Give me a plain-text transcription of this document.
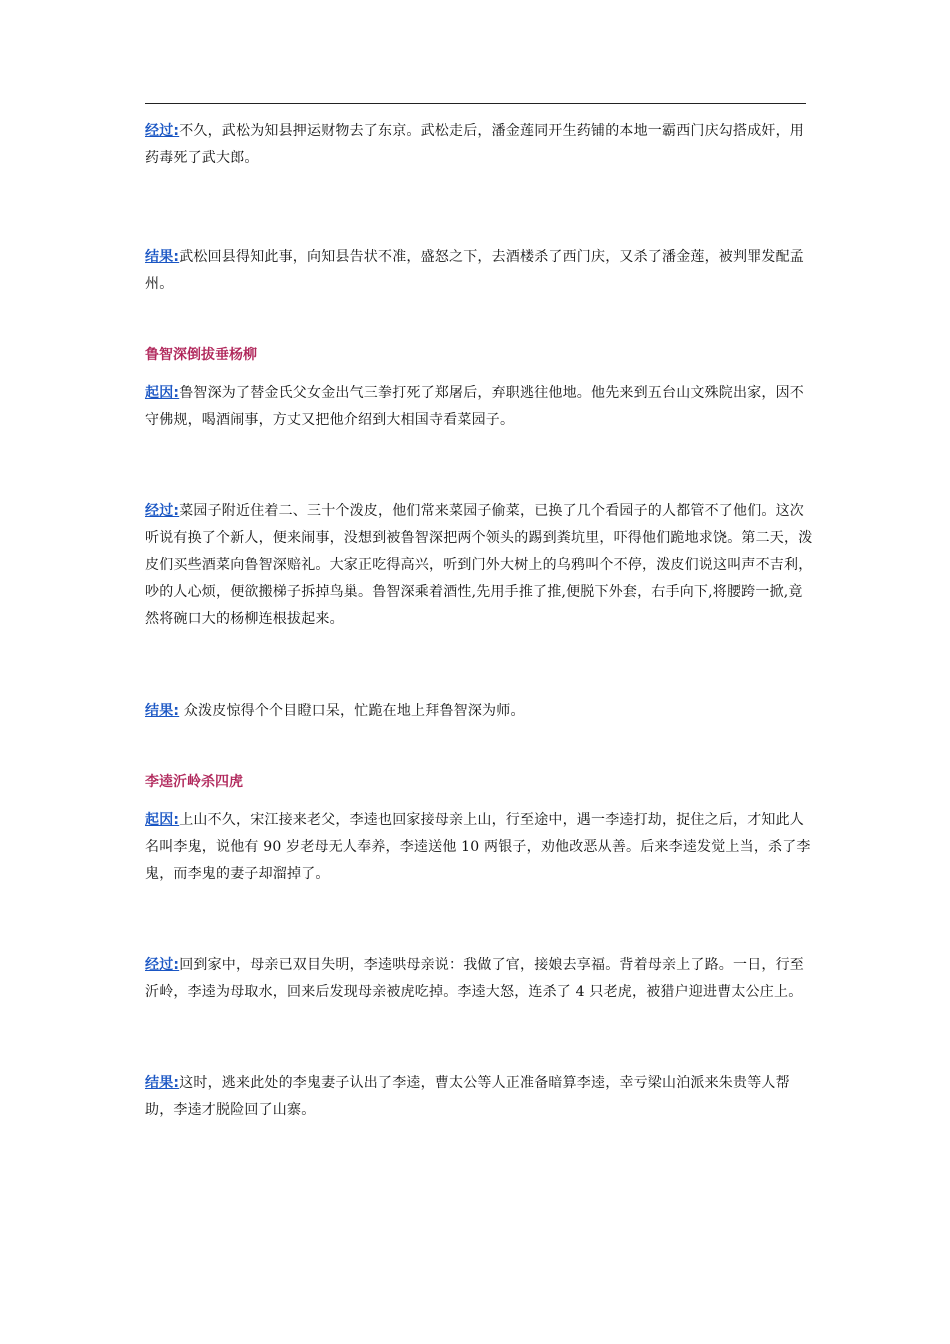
经过:不久，武松为知县押运财物去了东京。武松走后，潘金莲同开生药铺的本地一霸西门庆勾搭成奸，用药毒死了武大郎。

结果:武松回县得知此事，向知县告状不准，盛怒之下，去酒楼杀了西门庆，又杀了潘金莲，被判罪发配孟州。

鲁智深倒拔垂杨柳

起因:鲁智深为了替金氏父女金出气三拳打死了郑屠后，弃职逃往他地。他先来到五台山文殊院出家，因不守佛规，喝酒闹事，方丈又把他介绍到大相国寺看菜园子。

经过:菜园子附近住着二、三十个泼皮，他们常来菜园子偷菜，已换了几个看园子的人都管不了他们。这次听说有换了个新人，便来闹事，没想到被鲁智深把两个领头的踢到粪坑里，吓得他们跪地求饶。第二天，泼皮们买些酒菜向鲁智深赔礼。大家正吃得高兴，听到门外大树上的乌鸦叫个不停，泼皮们说这叫声不吉利，吵的人心烦，便欲搬梯子拆掉鸟巢。鲁智深乘着酒性,先用手推了推,便脱下外套，右手向下,将腰跨一掀,竟然将碗口大的杨柳连根拔起来。

结果: 众泼皮惊得个个目瞪口呆，忙跪在地上拜鲁智深为师。

李逵沂岭杀四虎

起因:上山不久，宋江接来老父，李逵也回家接母亲上山，行至途中，遇一李逵打劫，捉住之后，才知此人名叫李鬼，说他有 90 岁老母无人奉养，李逵送他 10 两银子，劝他改恶从善。后来李逵发觉上当，杀了李鬼，而李鬼的妻子却溜掉了。

经过:回到家中，母亲已双目失明，李逵哄母亲说：我做了官，接娘去享福。背着母亲上了路。一日，行至沂岭，李逵为母取水，回来后发现母亲被虎吃掉。李逵大怒，连杀了 4 只老虎，被猎户迎进曹太公庄上。

结果:这时，逃来此处的李鬼妻子认出了李逵，曹太公等人正准备暗算李逵，幸亏梁山泊派来朱贵等人帮助，李逵才脱险回了山寨。
